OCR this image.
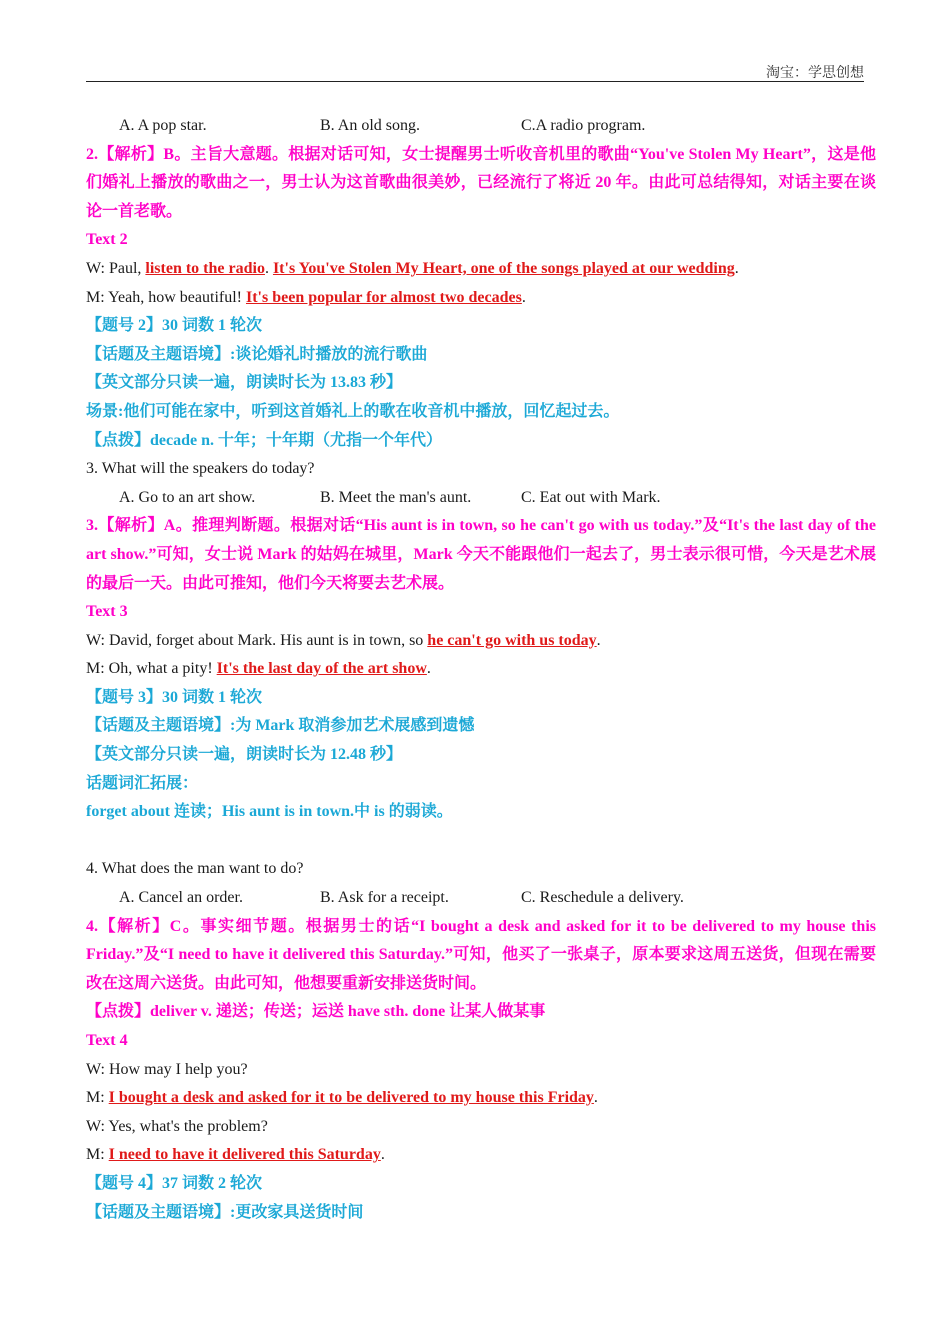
淘宝：学思创想
A. A pop star.	B. An old song.	C.A radio program.

2.【解析】B。主旨大意题。根据对话可知，女士提醒男士听收音机里的歌曲“You've Stolen My Heart”，这是他们婚礼上播放的歌曲之一，男士认为这首歌曲很美妙，已经流行了将近 20 年。由此可总结得知，对话主要在谈论一首老歌。

Text 2

W: Paul, listen to the radio. It's You've Stolen My Heart, one of the songs played at our wedding.

M: Yeah, how beautiful! It's been popular for almost two decades.

【题号 2】30 词数 1 轮次

【话题及主题语境】:谈论婚礼时播放的流行歌曲

【英文部分只读一遍，朗读时长为 13.83 秒】

场景:他们可能在家中，听到这首婚礼上的歌在收音机中播放，回忆起过去。

【点拨】decade n. 十年；十年期（尤指一个年代）

3. What will the speakers do today?

A. Go to an art show.	B. Meet the man's aunt.	C. Eat out with Mark.

3.【解析】A。推理判断题。根据对话“His aunt is in town, so he can't go with us today.”及“It's the last day of the art show.”可知，女士说 Mark 的姑妈在城里，Mark 今天不能跟他们一起去了，男士表示很可惜，今天是艺术展的最后一天。由此可推知，他们今天将要去艺术展。

Text 3

W: David, forget about Mark. His aunt is in town, so he can't go with us today.

M: Oh, what a pity! It's the last day of the art show.

【题号 3】30 词数 1 轮次

【话题及主题语境】:为 Mark 取消参加艺术展感到遗憾

【英文部分只读一遍，朗读时长为 12.48 秒】

话题词汇拓展：

forget about 连读；His aunt is in town.中 is 的弱读。

4. What does the man want to do?

A. Cancel an order.	B. Ask for a receipt.	C. Reschedule a delivery.

4.【解析】C。事实细节题。根据男士的话“I bought a desk and asked for it to be delivered to my house this Friday.”及“I need to have it delivered this Saturday.”可知，他买了一张桌子，原本要求这周五送货，但现在需要改在这周六送货。由此可知，他想要重新安排送货时间。

【点拨】deliver v. 递送；传送；运送 have sth. done 让某人做某事

Text 4

W: How may I help you?

M: I bought a desk and asked for it to be delivered to my house this Friday.

W: Yes, what's the problem?

M: I need to have it delivered this Saturday.

【题号 4】37 词数 2 轮次

【话题及主题语境】:更改家具送货时间
